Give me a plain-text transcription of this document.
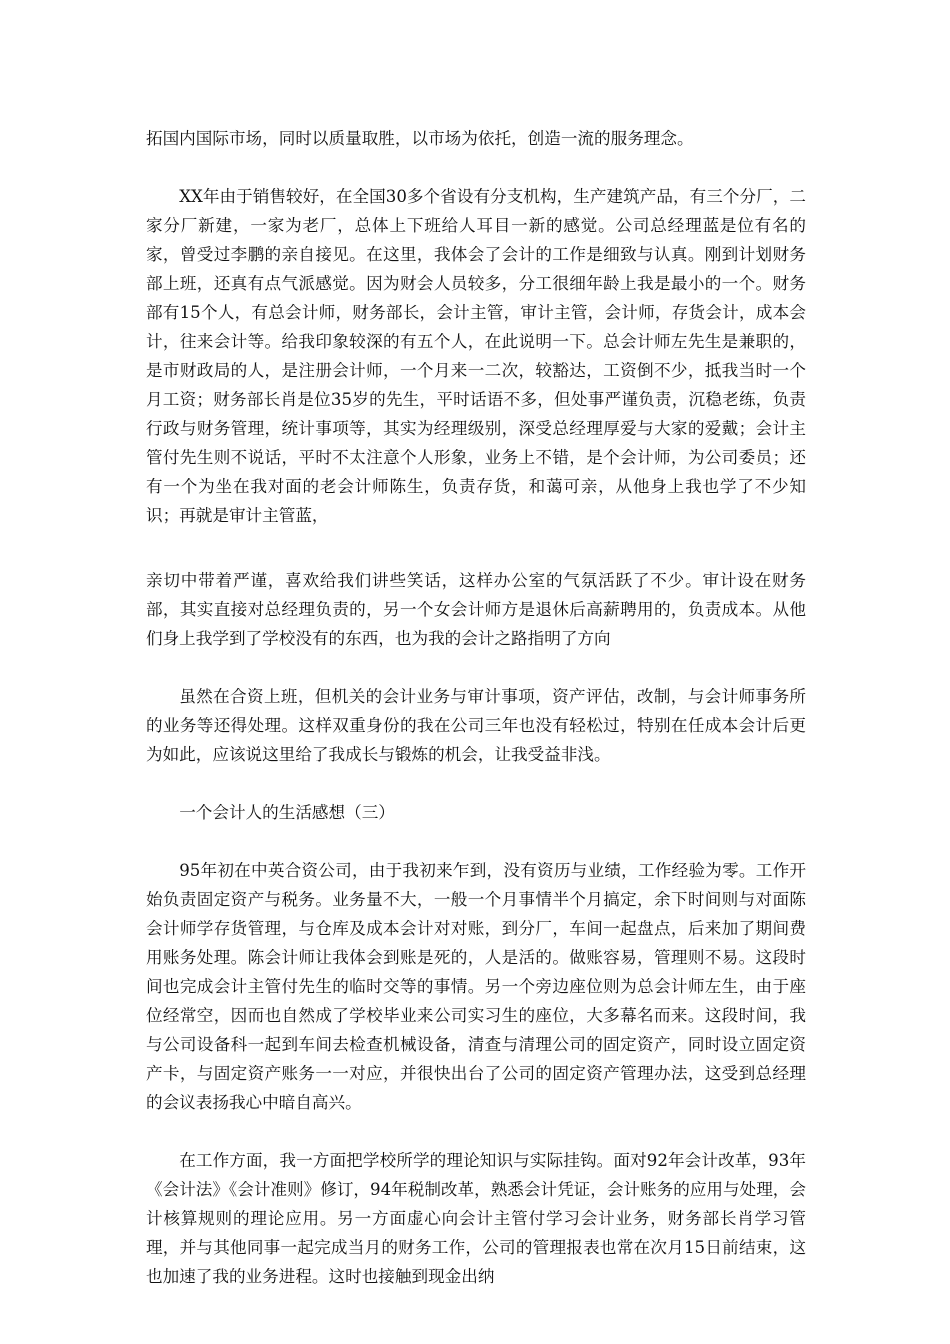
拓国内国际市场，同时以质量取胜，以市场为依托，创造一流的服务理念。

XX年由于销售较好，在全国30多个省设有分支机构，生产建筑产品，有三个分厂，二家分厂新建，一家为老厂，总体上下班给人耳目一新的感觉。公司总经理蓝是位有名的家，曾受过李鹏的亲自接见。在这里，我体会了会计的工作是细致与认真。刚到计划财务部上班，还真有点气派感觉。因为财会人员较多，分工很细年龄上我是最小的一个。财务部有15个人，有总会计师，财务部长，会计主管，审计主管，会计师，存货会计，成本会计，往来会计等。给我印象较深的有五个人，在此说明一下。总会计师左先生是兼职的，是市财政局的人，是注册会计师，一个月来一二次，较豁达，工资倒不少，抵我当时一个月工资；财务部长肖是位35岁的先生，平时话语不多，但处事严谨负责，沉稳老练，负责行政与财务管理，统计事项等，其实为经理级别，深受总经理厚爱与大家的爱戴；会计主管付先生则不说话，平时不太注意个人形象，业务上不错，是个会计师，为公司委员；还有一个为坐在我对面的老会计师陈生，负责存货，和蔼可亲，从他身上我也学了不少知识；再就是审计主管蓝，

亲切中带着严谨，喜欢给我们讲些笑话，这样办公室的气氛活跃了不少。审计设在财务部，其实直接对总经理负责的，另一个女会计师方是退休后高薪聘用的，负责成本。从他们身上我学到了学校没有的东西，也为我的会计之路指明了方向

虽然在合资上班，但机关的会计业务与审计事项，资产评估，改制，与会计师事务所的业务等还得处理。这样双重身份的我在公司三年也没有轻松过，特别在任成本会计后更为如此，应该说这里给了我成长与锻炼的机会，让我受益非浅。

一个会计人的生活感想（三）

95年初在中英合资公司，由于我初来乍到，没有资历与业绩，工作经验为零。工作开始负责固定资产与税务。业务量不大，一般一个月事情半个月搞定，余下时间则与对面陈会计师学存货管理，与仓库及成本会计对对账，到分厂，车间一起盘点，后来加了期间费用账务处理。陈会计师让我体会到账是死的，人是活的。做账容易，管理则不易。这段时间也完成会计主管付先生的临时交等的事情。另一个旁边座位则为总会计师左生，由于座位经常空，因而也自然成了学校毕业来公司实习生的座位，大多幕名而来。这段时间，我与公司设备科一起到车间去检查机械设备，清查与清理公司的固定资产，同时设立固定资产卡，与固定资产账务一一对应，并很快出台了公司的固定资产管理办法，这受到总经理的会议表扬我心中暗自高兴。

在工作方面，我一方面把学校所学的理论知识与实际挂钩。面对92年会计改革，93年《会计法》《会计准则》修订，94年税制改革，熟悉会计凭证，会计账务的应用与处理，会计核算规则的理论应用。另一方面虚心向会计主管付学习会计业务，财务部长肖学习管理，并与其他同事一起完成当月的财务工作，公司的管理报表也常在次月15日前结束，这也加速了我的业务进程。这时也接触到现金出纳
